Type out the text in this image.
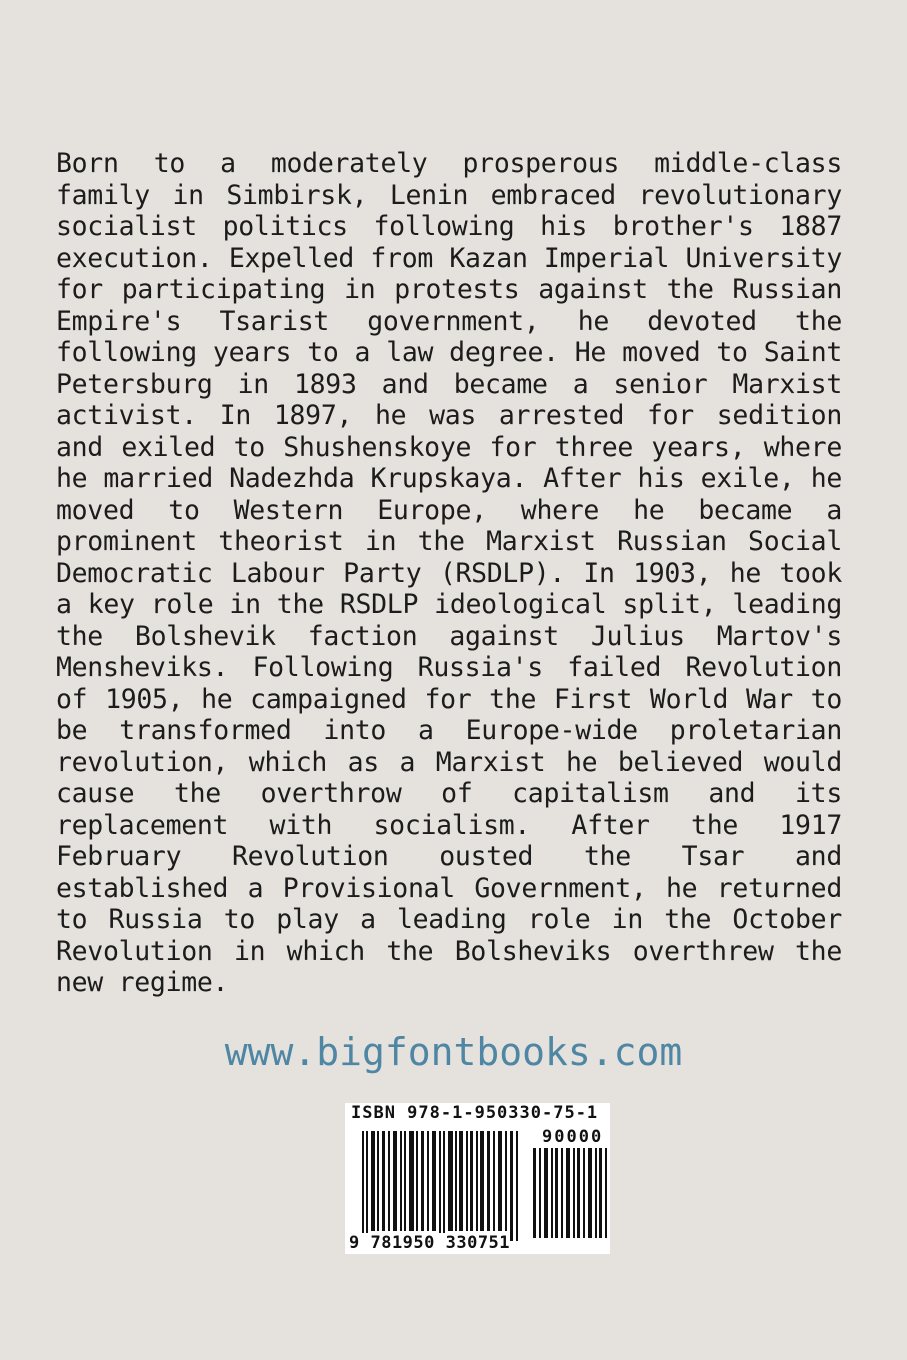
Born to a moderately prosperous middle-class family in Simbirsk, Lenin embraced revolutionary socialist politics following his brother's 1887 execution. Expelled from Kazan Imperial University for participating in protests against the Russian Empire's Tsarist government, he devoted the following years to a law degree. He moved to Saint Petersburg in 1893 and became a senior Marxist activist. In 1897, he was arrested for sedition and exiled to Shushenskoye for three years, where he married Nadezhda Krupskaya. After his exile, he moved to Western Europe, where he became a prominent theorist in the Marxist Russian Social Democratic Labour Party (RSDLP). In 1903, he took a key role in the RSDLP ideological split, leading the Bolshevik faction against Julius Martov's Mensheviks. Following Russia's failed Revolution of 1905, he campaigned for the First World War to be transformed into a Europe-wide proletarian revolution, which as a Marxist he believed would cause the overthrow of capitalism and its replacement with socialism. After the 1917 February Revolution ousted the Tsar and established a Provisional Government, he returned to Russia to play a leading role in the October Revolution in which the Bolsheviks overthrew the new regime.
www.bigfontbooks.com
ISBN 978-1-950330-75-1
90000
9 781950 330751
